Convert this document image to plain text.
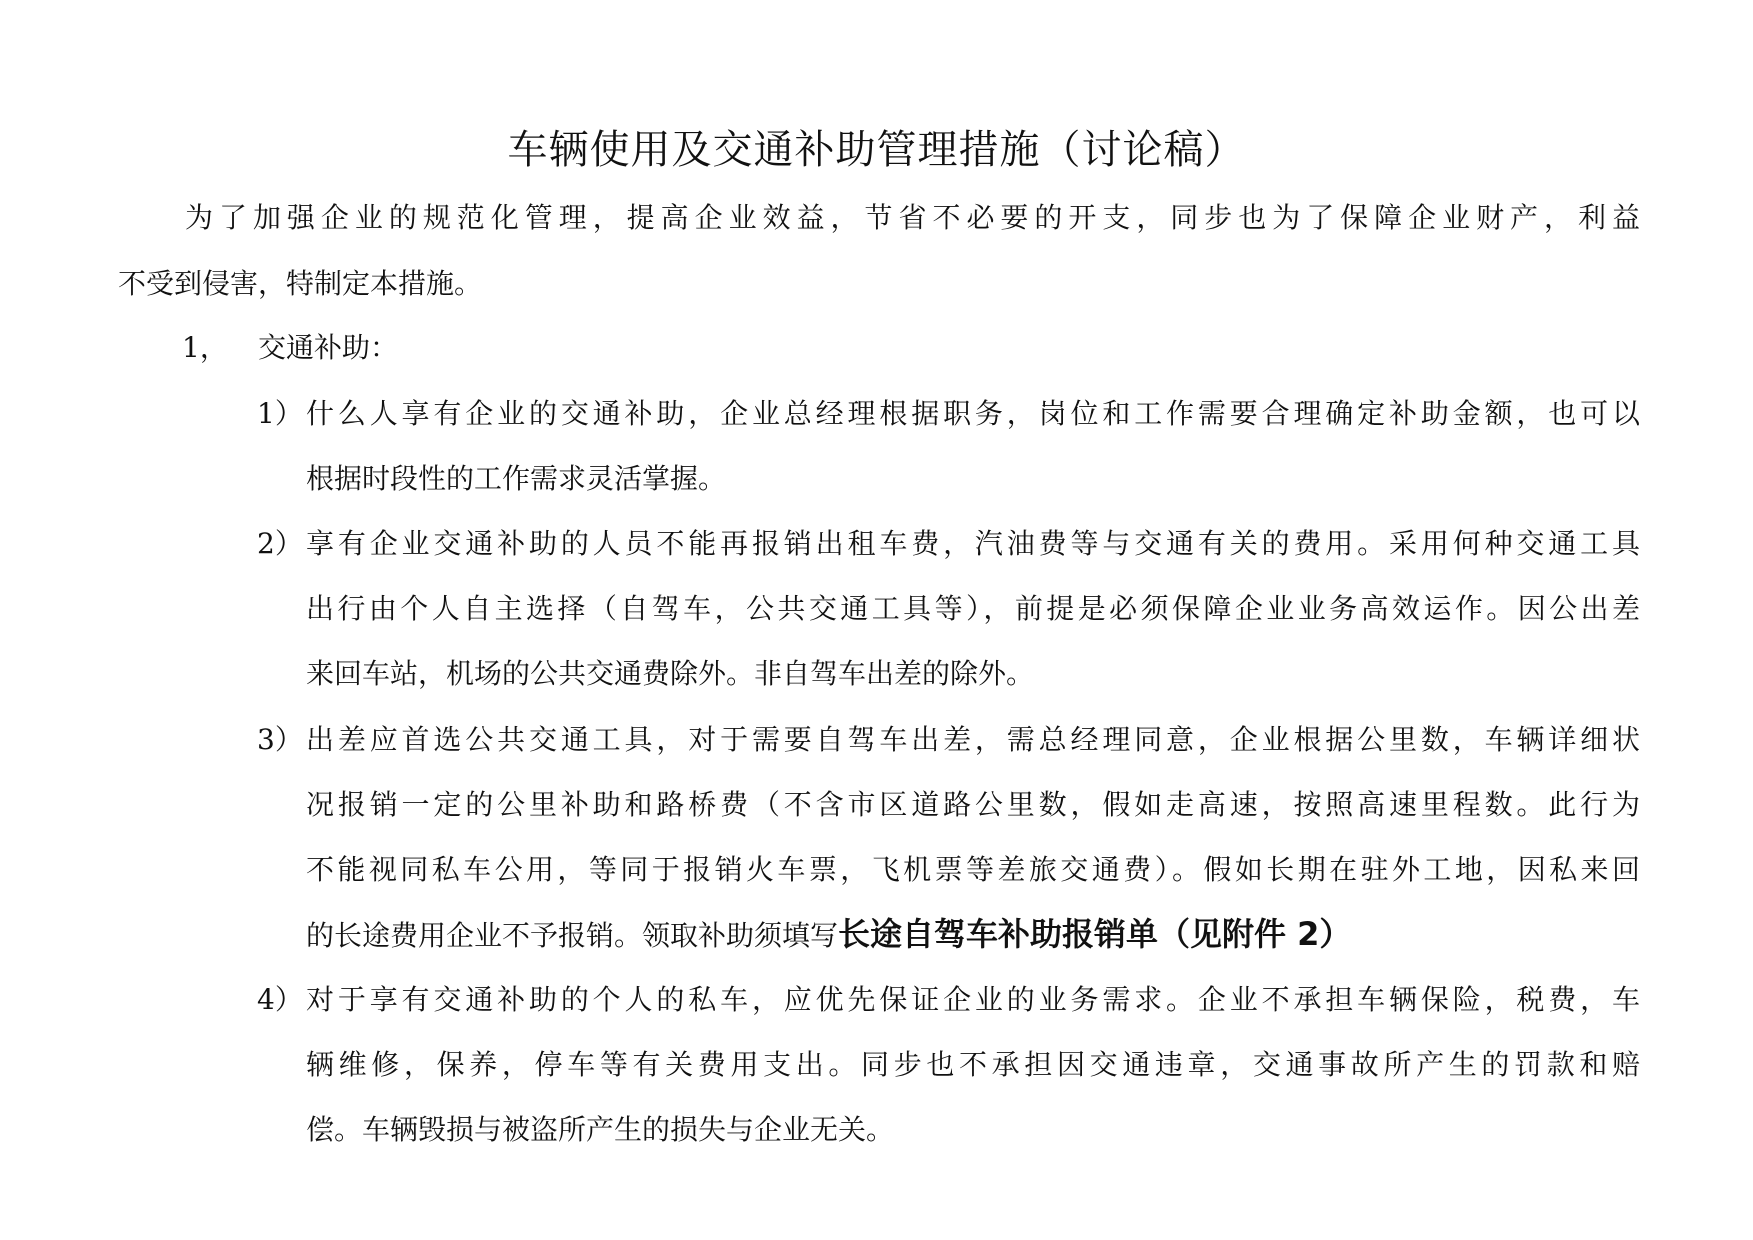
车辆使用及交通补助管理措施（讨论稿）
为了加强企业的规范化管理，提高企业效益，节省不必要的开支，同步也为了保障企业财产，利益
不受到侵害，特制定本措施。
1， 交通补助：
1） 什么人享有企业的交通补助，企业总经理根据职务，岗位和工作需要合理确定补助金额，也可以
根据时段性的工作需求灵活掌握。
2） 享有企业交通补助的人员不能再报销出租车费，汽油费等与交通有关的费用。采用何种交通工具
出行由个人自主选择（自驾车，公共交通工具等），前提是必须保障企业业务高效运作。因公出差
来回车站，机场的公共交通费除外。非自驾车出差的除外。
3） 出差应首选公共交通工具，对于需要自驾车出差，需总经理同意，企业根据公里数，车辆详细状
况报销一定的公里补助和路桥费（不含市区道路公里数，假如走高速，按照高速里程数。此行为
不能视同私车公用，等同于报销火车票，飞机票等差旅交通费）。假如长期在驻外工地，因私来回
的长途费用企业不予报销。领取补助须填写长途自驾车补助报销单（见附件 2）
4） 对于享有交通补助的个人的私车，应优先保证企业的业务需求。企业不承担车辆保险，税费，车
辆维修，保养，停车等有关费用支出。同步也不承担因交通违章，交通事故所产生的罚款和赔
偿。车辆毁损与被盗所产生的损失与企业无关。
